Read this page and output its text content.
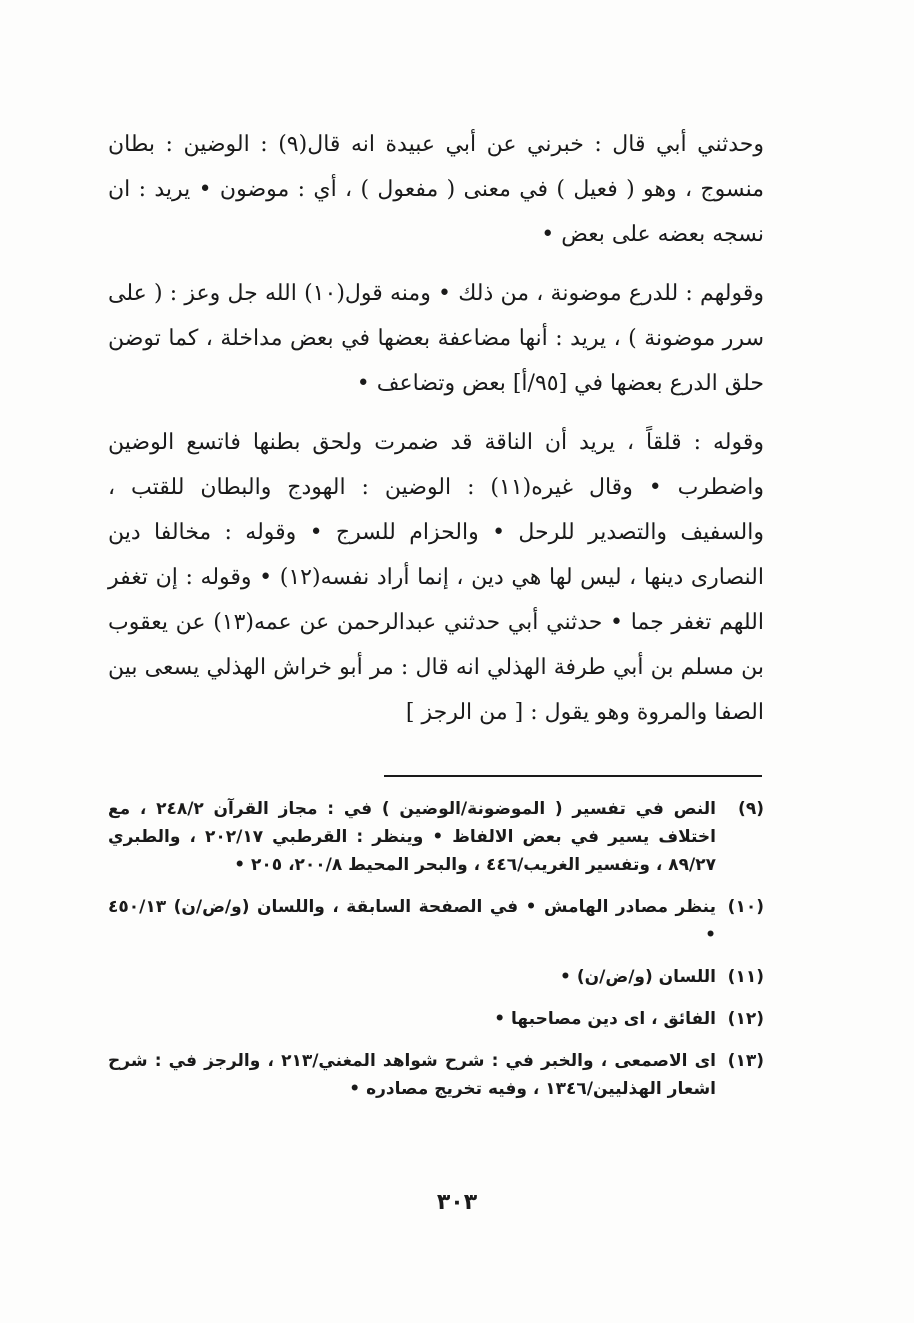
وحدثني أبي قال : خبرني عن أبي عبيدة انه قال(٩) : الوضين : بطان منسوج ، وهو ( فعيل ) في معنى ( مفعول ) ، أي : موضون • يريد : ان نسجه بعضه على بعض •

وقولهم : للدرع موضونة ، من ذلك • ومنه قول(١٠) الله جل وعز : ( على سرر موضونة ) ، يريد : أنها مضاعفة بعضها في بعض مداخلة ، كما توضن حلق الدرع بعضها في [٩٥/أ] بعض وتضاعف •

وقوله : قلقاً ، يريد أن الناقة قد ضمرت ولحق بطنها فاتسع الوضين واضطرب • وقال غيره(١١) : الوضين : الهودج والبطان للقتب ، والسفيف والتصدير للرحل • والحزام للسرج • وقوله : مخالفا دين النصارى دينها ، ليس لها هي دين ، إنما أراد نفسه(١٢) • وقوله : إن تغفر اللهم تغفر جما • حدثني أبي حدثني عبدالرحمن عن عمه(١٣) عن يعقوب بن مسلم بن أبي طرفة الهذلي انه قال : مر أبو خراش الهذلي يسعى بين الصفا والمروة وهو يقول : [ من الرجز ]

(٩)
النص في تفسير ( الموضونة/الوضين ) في : مجاز القرآن ٢٤٨/٢ ، مع اختلاف يسير في بعض الالفاظ • وينظر : القرطبي ٢٠٢/١٧ ، والطبري ٨٩/٢٧ ، وتفسير الغريب/٤٤٦ ، والبحر المحيط ٢٠٠/٨، ٢٠٥ •
(١٠)
ينظر مصادر الهامش • في الصفحة السابقة ، واللسان (و/ض/ن) ٤٥٠/١٣ •
(١١)
اللسان (و/ض/ن) •
(١٢)
الفائق ، اى دين مصاحبها •
(١٣)
اى الاصمعى ، والخبر في : شرح شواهد المغني/٢١٣ ، والرجز في : شرح اشعار الهذليين/١٣٤٦ ، وفيه تخريج مصادره •
٣٠٣
